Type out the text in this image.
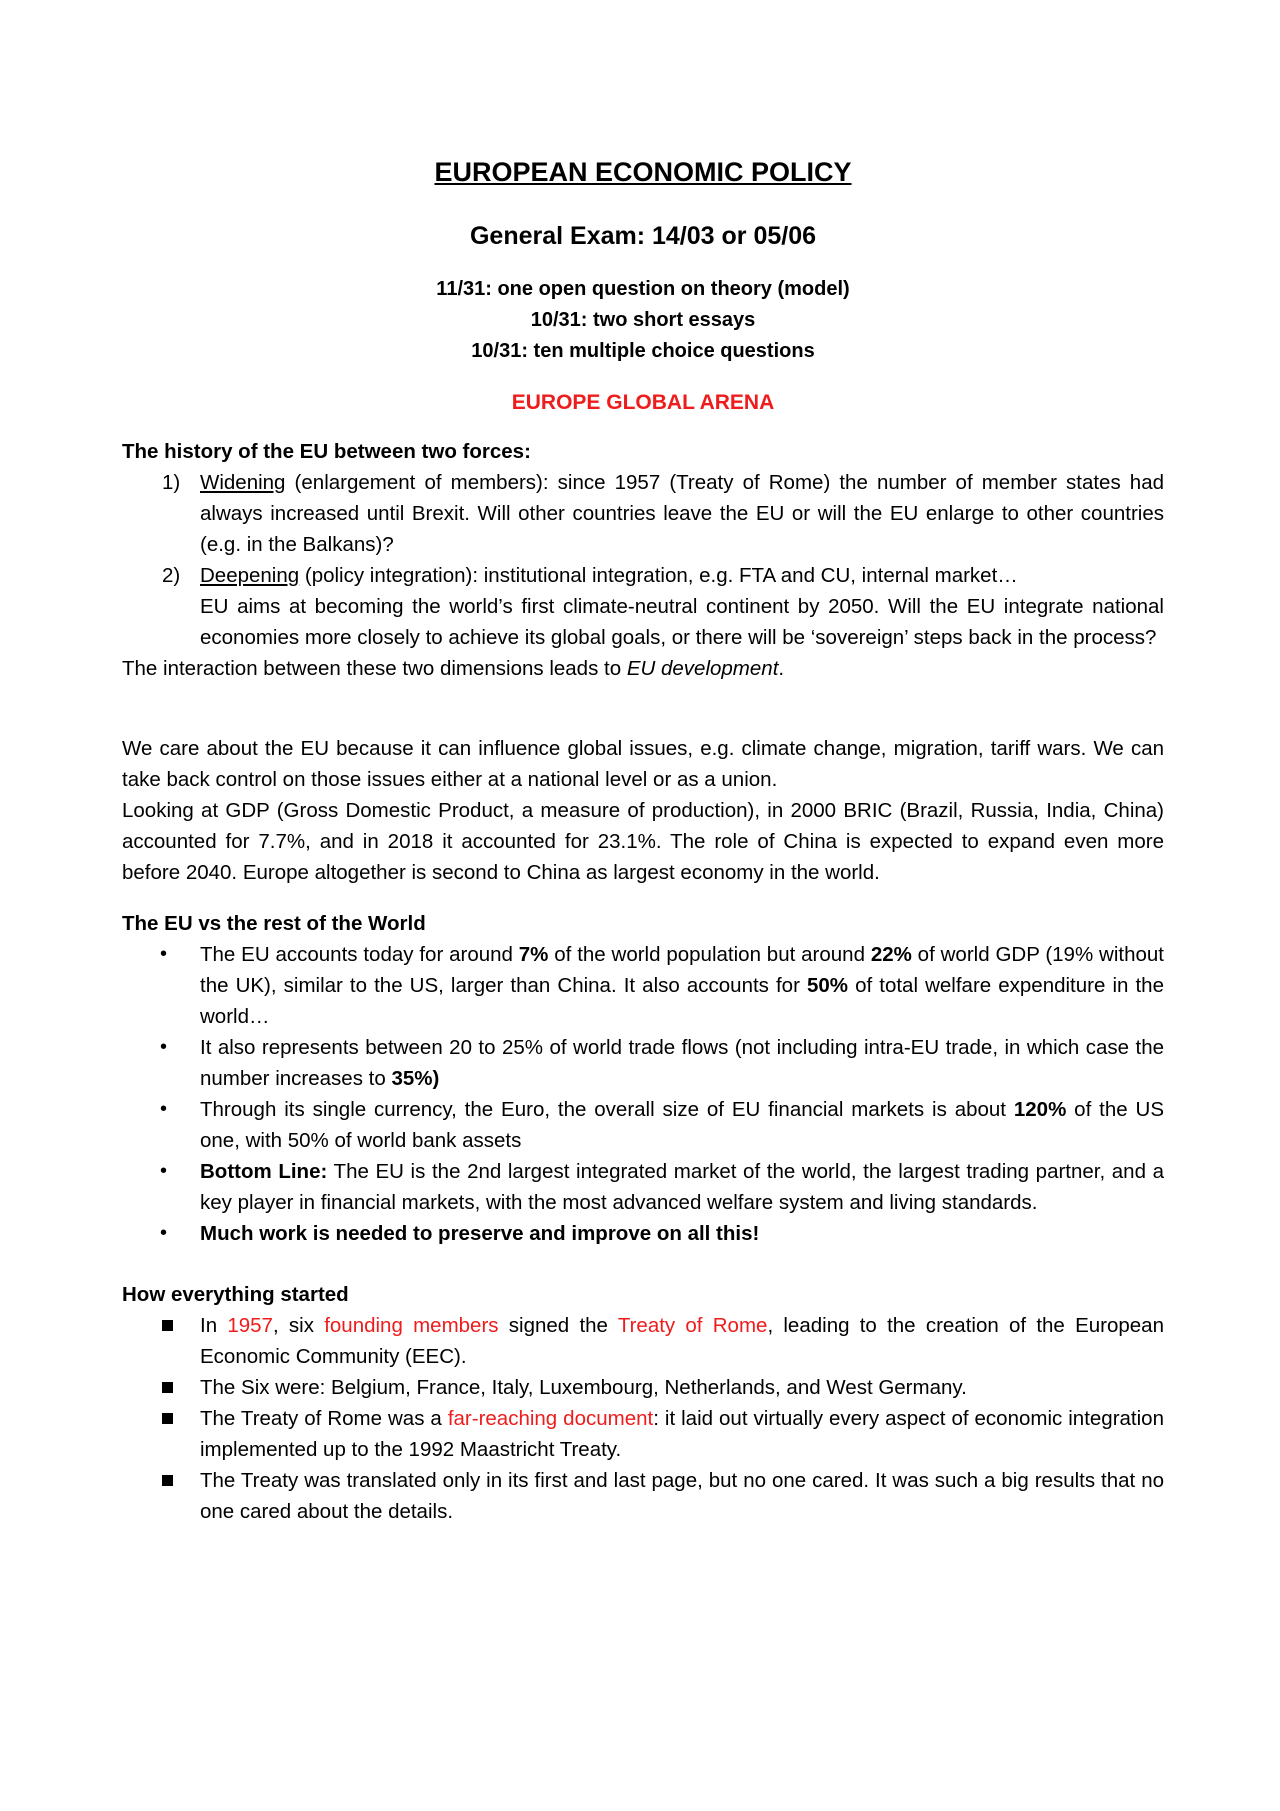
EUROPEAN ECONOMIC POLICY
General Exam: 14/03 or 05/06
11/31: one open question on theory (model)
10/31: two short essays
10/31: ten multiple choice questions
EUROPE GLOBAL ARENA

The history of the EU between two forces:

1) Widening (enlargement of members): since 1957 (Treaty of Rome) the number of member states had always increased until Brexit. Will other countries leave the EU or will the EU enlarge to other countries (e.g. in the Balkans)?
2) Deepening (policy integration): institutional integration, e.g. FTA and CU, internal market…

EU aims at becoming the world’s first climate-neutral continent by 2050. Will the EU integrate national economies more closely to achieve its global goals, or there will be ‘sovereign’ steps back in the process?

The interaction between these two dimensions leads to EU development.

We care about the EU because it can influence global issues, e.g. climate change, migration, tariff wars. We can take back control on those issues either at a national level or as a union.

Looking at GDP (Gross Domestic Product, a measure of production), in 2000 BRIC (Brazil, Russia, India, China) accounted for 7.7%, and in 2018 it accounted for 23.1%. The role of China is expected to expand even more before 2040. Europe altogether is second to China as largest economy in the world.

The EU vs the rest of the World

•	The EU accounts today for around 7% of the world population but around 22% of world GDP (19% without the UK), similar to the US, larger than China. It also accounts for 50% of total welfare expenditure in the world…
•	It also represents between 20 to 25% of world trade flows (not including intra-EU trade, in which case the number increases to 35%)
•	Through its single currency, the Euro, the overall size of EU financial markets is about 120% of the US one, with 50% of world bank assets
•	Bottom Line: The EU is the 2nd largest integrated market of the world, the largest trading partner, and a key player in financial markets, with the most advanced welfare system and living standards.
•	Much work is needed to preserve and improve on all this!

How everything started

In 1957, six founding members signed the Treaty of Rome, leading to the creation of the European Economic Community (EEC).
The Six were: Belgium, France, Italy, Luxembourg, Netherlands, and West Germany.
The Treaty of Rome was a far-reaching document: it laid out virtually every aspect of economic integration implemented up to the 1992 Maastricht Treaty.
The Treaty was translated only in its first and last page, but no one cared. It was such a big results that no one cared about the details.
